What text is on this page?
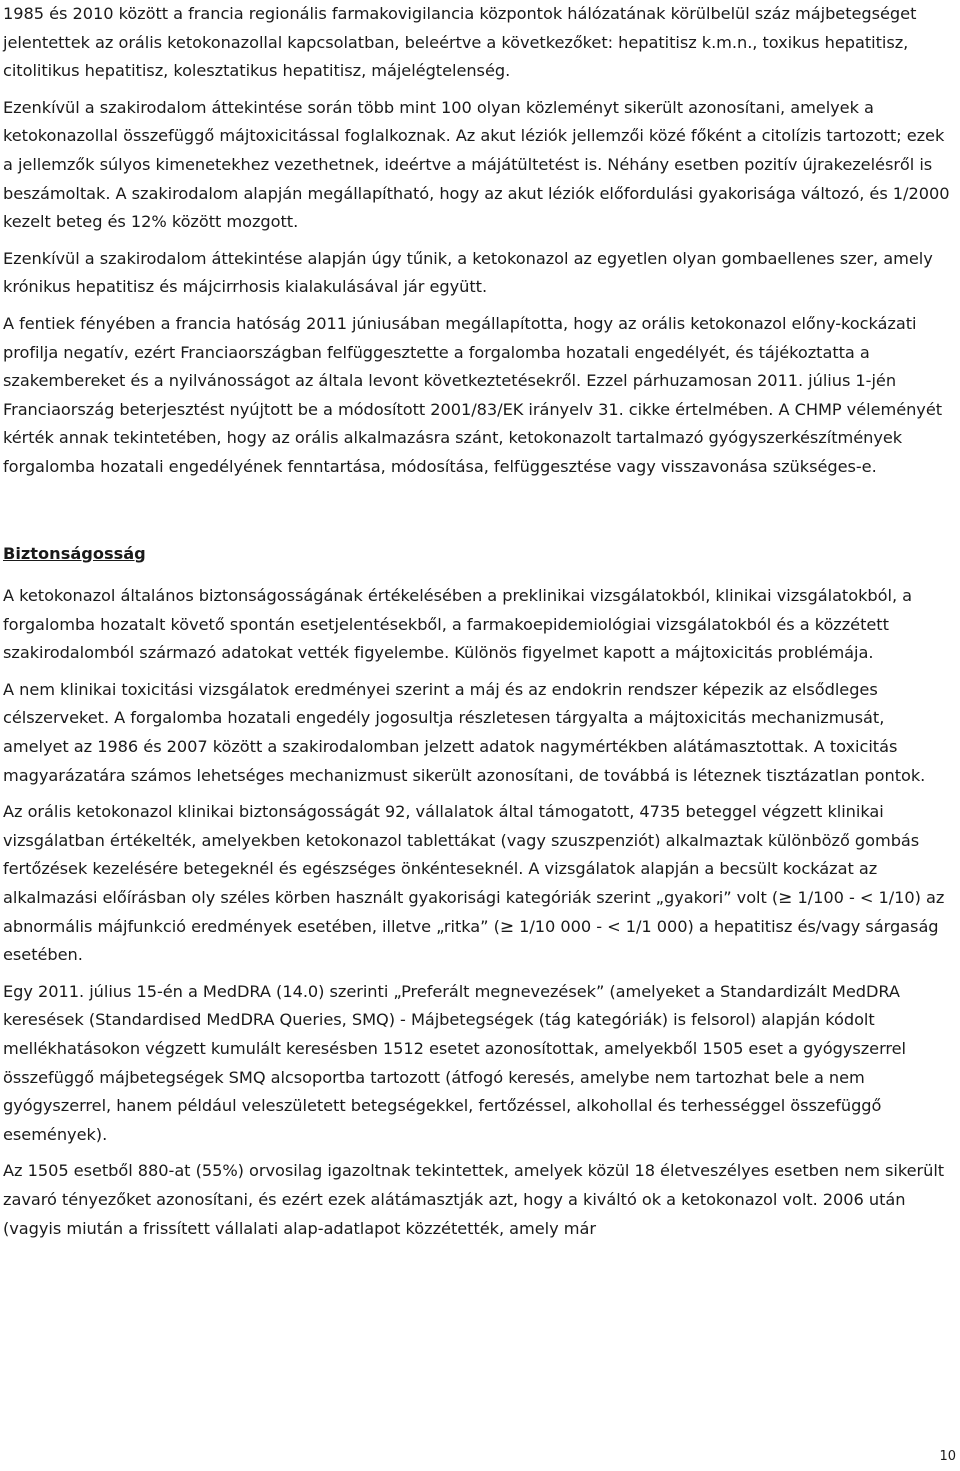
1985 és 2010 között a francia regionális farmakovigilancia központok hálózatának körülbelül száz májbetegséget jelentettek az orális ketokonazollal kapcsolatban, beleértve a következőket: hepatitisz k.m.n., toxikus hepatitisz, citolitikus hepatitisz, kolesztatikus hepatitisz, májelégtelenség.

Ezenkívül a szakirodalom áttekintése során több mint 100 olyan közleményt sikerült azonosítani, amelyek a ketokonazollal összefüggő májtoxicitással foglalkoznak. Az akut léziók jellemzői közé főként a citolízis tartozott; ezek a jellemzők súlyos kimenetekhez vezethetnek, ideértve a májátültetést is. Néhány esetben pozitív újrakezelésről is beszámoltak. A szakirodalom alapján megállapítható, hogy az akut léziók előfordulási gyakorisága változó, és 1/2000 kezelt beteg és 12% között mozgott.

Ezenkívül a szakirodalom áttekintése alapján úgy tűnik, a ketokonazol az egyetlen olyan gombaellenes szer, amely krónikus hepatitisz és májcirrhosis kialakulásával jár együtt.

A fentiek fényében a francia hatóság 2011 júniusában megállapította, hogy az orális ketokonazol előny-kockázati profilja negatív, ezért Franciaországban felfüggesztette a forgalomba hozatali engedélyét, és tájékoztatta a szakembereket és a nyilvánosságot az általa levont következtetésekről. Ezzel párhuzamosan 2011. július 1-jén Franciaország beterjesztést nyújtott be a módosított 2001/83/EK irányelv 31. cikke értelmében. A CHMP véleményét kérték annak tekintetében, hogy az orális alkalmazásra szánt, ketokonazolt tartalmazó gyógyszerkészítmények forgalomba hozatali engedélyének fenntartása, módosítása, felfüggesztése vagy visszavonása szükséges-e.

Biztonságosság

A ketokonazol általános biztonságosságának értékelésében a preklinikai vizsgálatokból, klinikai vizsgálatokból, a forgalomba hozatalt követő spontán esetjelentésekből, a farmakoepidemiológiai vizsgálatokból és a közzétett szakirodalomból származó adatokat vették figyelembe. Különös figyelmet kapott a májtoxicitás problémája.

A nem klinikai toxicitási vizsgálatok eredményei szerint a máj és az endokrin rendszer képezik az elsődleges célszerveket. A forgalomba hozatali engedély jogosultja részletesen tárgyalta a májtoxicitás mechanizmusát, amelyet az 1986 és 2007 között a szakirodalomban jelzett adatok nagymértékben alátámasztottak. A toxicitás magyarázatára számos lehetséges mechanizmust sikerült azonosítani, de továbbá is léteznek tisztázatlan pontok.

Az orális ketokonazol klinikai biztonságosságát 92, vállalatok által támogatott, 4735 beteggel végzett klinikai vizsgálatban értékelték, amelyekben ketokonazol tablettákat (vagy szuszpenziót) alkalmaztak különböző gombás fertőzések kezelésére betegeknél és egészséges önkénteseknél. A vizsgálatok alapján a becsült kockázat az alkalmazási előírásban oly széles körben használt gyakorisági kategóriák szerint „gyakori” volt (≥ 1/100 - < 1/10) az abnormális májfunkció eredmények esetében, illetve „ritka” (≥ 1/10 000 - < 1/1 000) a hepatitisz és/vagy sárgaság esetében.

Egy 2011. július 15-én a MedDRA (14.0) szerinti „Preferált megnevezések” (amelyeket a Standardizált MedDRA keresések (Standardised MedDRA Queries, SMQ) - Májbetegségek (tág kategóriák) is felsorol) alapján kódolt mellékhatásokon végzett kumulált keresésben 1512 esetet azonosítottak, amelyekből 1505 eset a gyógyszerrel összefüggő májbetegségek SMQ alcsoportba tartozott (átfogó keresés, amelybe nem tartozhat bele a nem gyógyszerrel, hanem például veleszületett betegségekkel, fertőzéssel, alkohollal és terhességgel összefüggő események).

Az 1505 esetből 880-at (55%) orvosilag igazoltnak tekintettek, amelyek közül 18 életveszélyes esetben nem sikerült zavaró tényezőket azonosítani, és ezért ezek alátámasztják azt, hogy a kiváltó ok a ketokonazol volt. 2006 után (vagyis miután a frissített vállalati alap-adatlapot közzétették, amely már

10
